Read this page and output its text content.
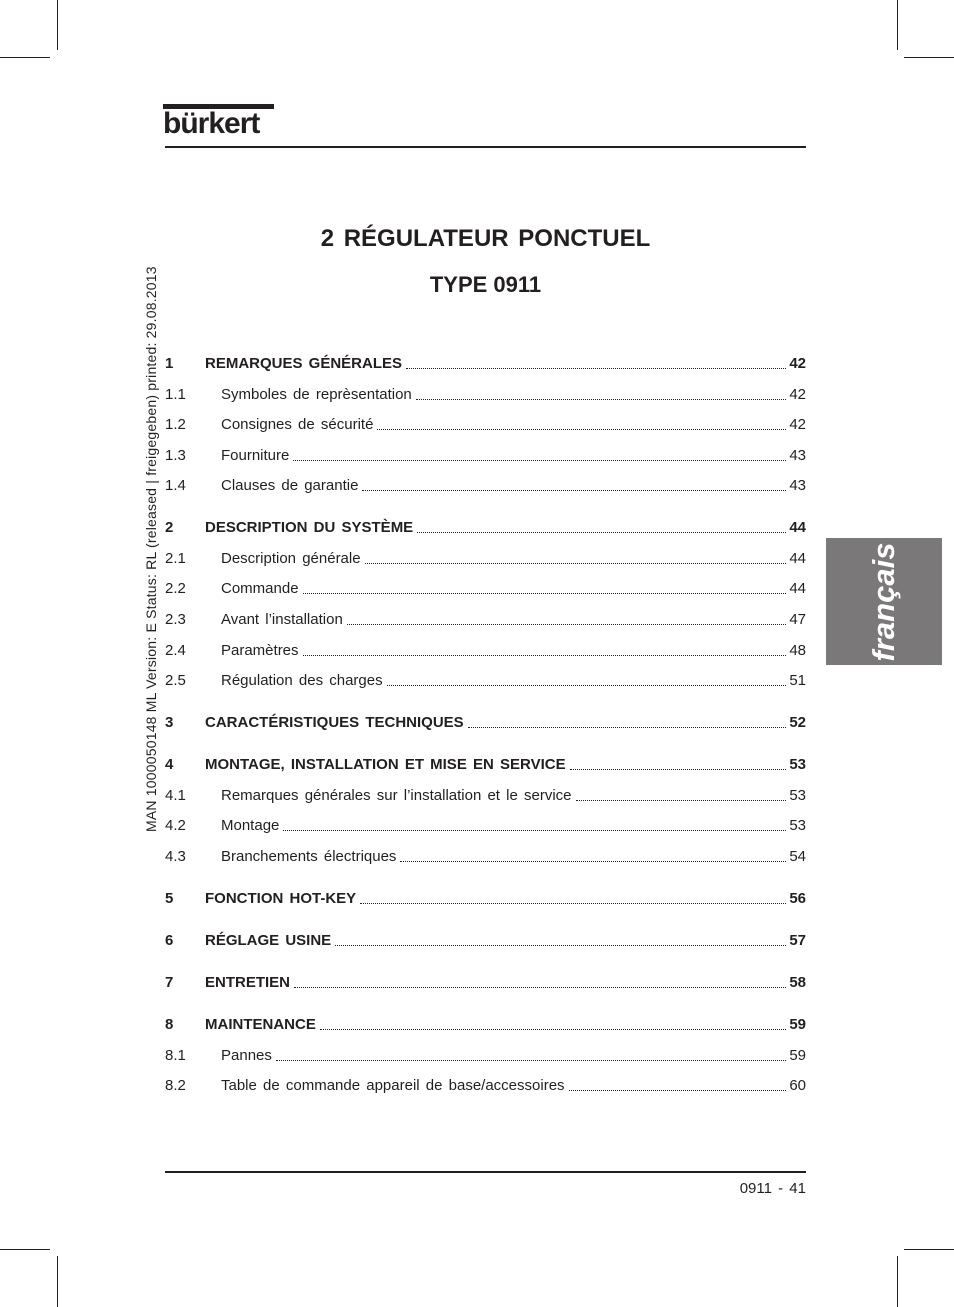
bürkert
MAN 1000050148 ML Version: E Status: RL (released | freigegeben) printed: 29.08.2013	français
2 RÉGULATEUR PONCTUEL
TYPE 0911
1	REMARQUES GÉNÉRALES	42
1.1	Symboles de reprèsentation	42
1.2	Consignes de sécurité	42
1.3	Fourniture	43
1.4	Clauses de garantie	43
2	DESCRIPTION DU SYSTÈME	44
2.1	Description générale	44
2.2	Commande	44
2.3	Avant l’installation	47
2.4	Paramètres	48
2.5	Régulation des charges	51
3	CARACTÉRISTIQUES TECHNIQUES	52
4	MONTAGE, INSTALLATION ET MISE EN SERVICE	53
4.1	Remarques générales sur l’installation et le service	53
4.2	Montage	53
4.3	Branchements électriques	54
5	FONCTION HOT-KEY	56
6	RÉGLAGE USINE	57
7	ENTRETIEN	58
8	MAINTENANCE	59
8.1	Pannes	59
8.2	Table de commande appareil de base/accessoires	60
0911 - 41
